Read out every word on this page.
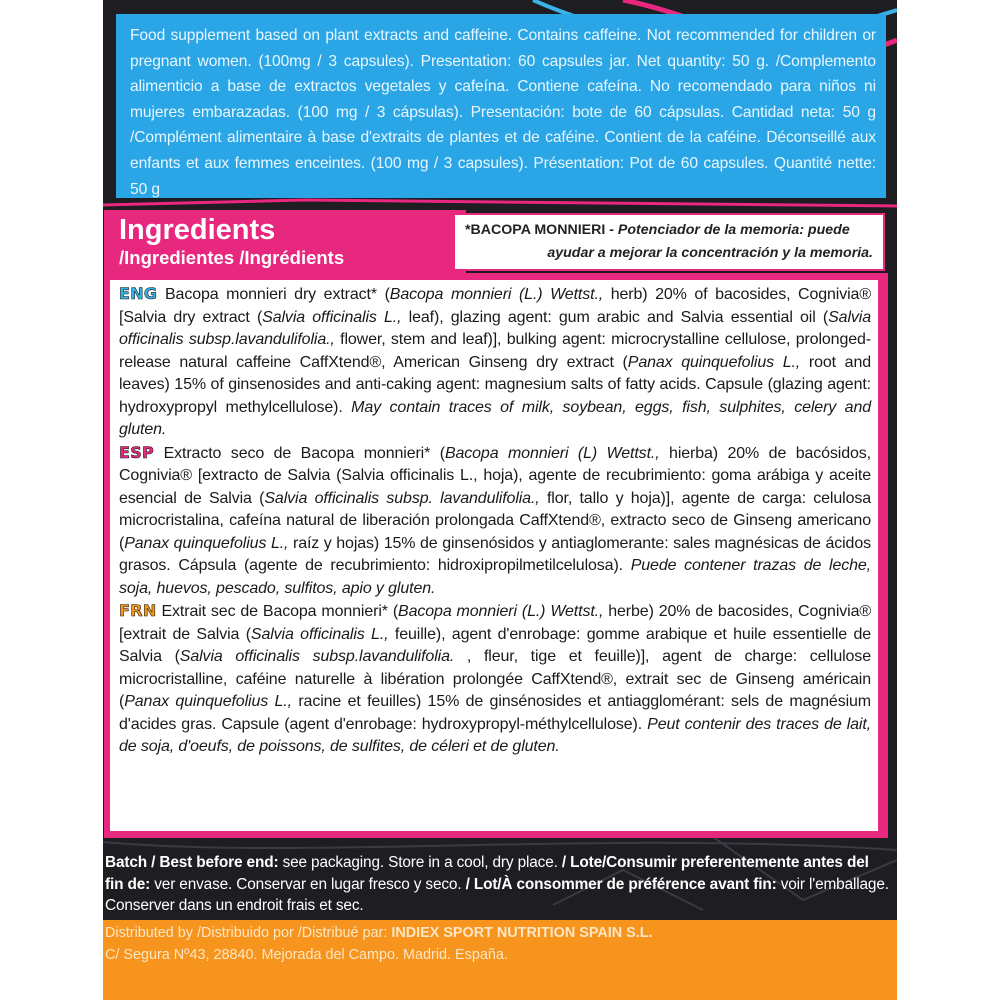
Food supplement based on plant extracts and caffeine. Contains caffeine. Not recommended for children or pregnant women. (100mg / 3 capsules). Presentation: 60 capsules jar. Net quantity: 50 g. /Complemento alimenticio a base de extractos vegetales y cafeína. Contiene cafeína. No recomendado para niños ni mujeres embarazadas. (100 mg / 3 cápsulas). Presentación: bote de 60 cápsulas. Cantidad neta: 50 g /Complément alimentaire à base d'extraits de plantes et de caféine. Contient de la caféine. Déconseillé aux enfants et aux femmes enceintes. (100 mg / 3 capsules). Présentation: Pot de 60 capsules. Quantité nette: 50 g
Ingredients
/Ingredientes /Ingrédients
*BACOPA MONNIERI - Potenciador de la memoria: puede
ayudar a mejorar la concentración y la memoria.

ENG Bacopa monnieri dry extract* (Bacopa monnieri (L.) Wettst., herb) 20% of bacosides, Cognivia® [Salvia dry extract (Salvia officinalis L., leaf), glazing agent: gum arabic and Salvia essential oil (Salvia officinalis subsp.lavandulifolia., flower, stem and leaf)], bulking agent: microcrystalline cellulose, prolonged-release natural caffeine CaffXtend®, American Ginseng dry extract (Panax quinquefolius L., root and leaves) 15% of ginsenosides and anti-caking agent: magnesium salts of fatty acids. Capsule (glazing agent: hydroxypropyl methylcellulose). May contain traces of milk, soybean, eggs, fish, sulphites, celery and gluten.

ESP Extracto seco de Bacopa monnieri* (Bacopa monnieri (L) Wettst., hierba) 20% de bacósidos, Cognivia® [extracto de Salvia (Salvia officinalis L., hoja), agente de recubrimiento: goma arábiga y aceite esencial de Salvia (Salvia officinalis subsp. lavandulifolia., flor, tallo y hoja)], agente de carga: celulosa microcristalina, cafeína natural de liberación prolongada CaffXtend®, extracto seco de Ginseng americano (Panax quinquefolius L., raíz y hojas) 15% de ginsenósidos y antiaglomerante: sales magnésicas de ácidos grasos. Cápsula (agente de recubrimiento: hidroxipropilmetilcelulosa). Puede contener trazas de leche, soja, huevos, pescado, sulfitos, apio y gluten.

FRN Extrait sec de Bacopa monnieri* (Bacopa monnieri (L.) Wettst., herbe) 20% de bacosides, Cognivia® [extrait de Salvia (Salvia officinalis L., feuille), agent d'enrobage: gomme arabique et huile essentielle de Salvia (Salvia officinalis subsp.lavandulifolia. , fleur, tige et feuille)], agent de charge: cellulose microcristalline, caféine naturelle à libération prolongée CaffXtend®, extrait sec de Ginseng américain (Panax quinquefolius L., racine et feuilles) 15% de ginsénosides et antiagglomérant: sels de magnésium d'acides gras. Capsule (agent d'enrobage: hydroxypropyl-méthylcellulose). Peut contenir des traces de lait, de soja, d'oeufs, de poissons, de sulfites, de céleri et de gluten.

Batch / Best before end: see packaging. Store in a cool, dry place. / Lote/Consumir preferentemente antes del fin de: ver envase. Conservar en lugar fresco y seco. / Lot/À consommer de préférence avant fin: voir l'emballage. Conserver dans un endroit frais et sec.
Distributed by /Distribuido por /Distribué par: INDIEX SPORT NUTRITION SPAIN S.L.
C/ Segura Nº43, 28840. Mejorada del Campo. Madrid. España.
